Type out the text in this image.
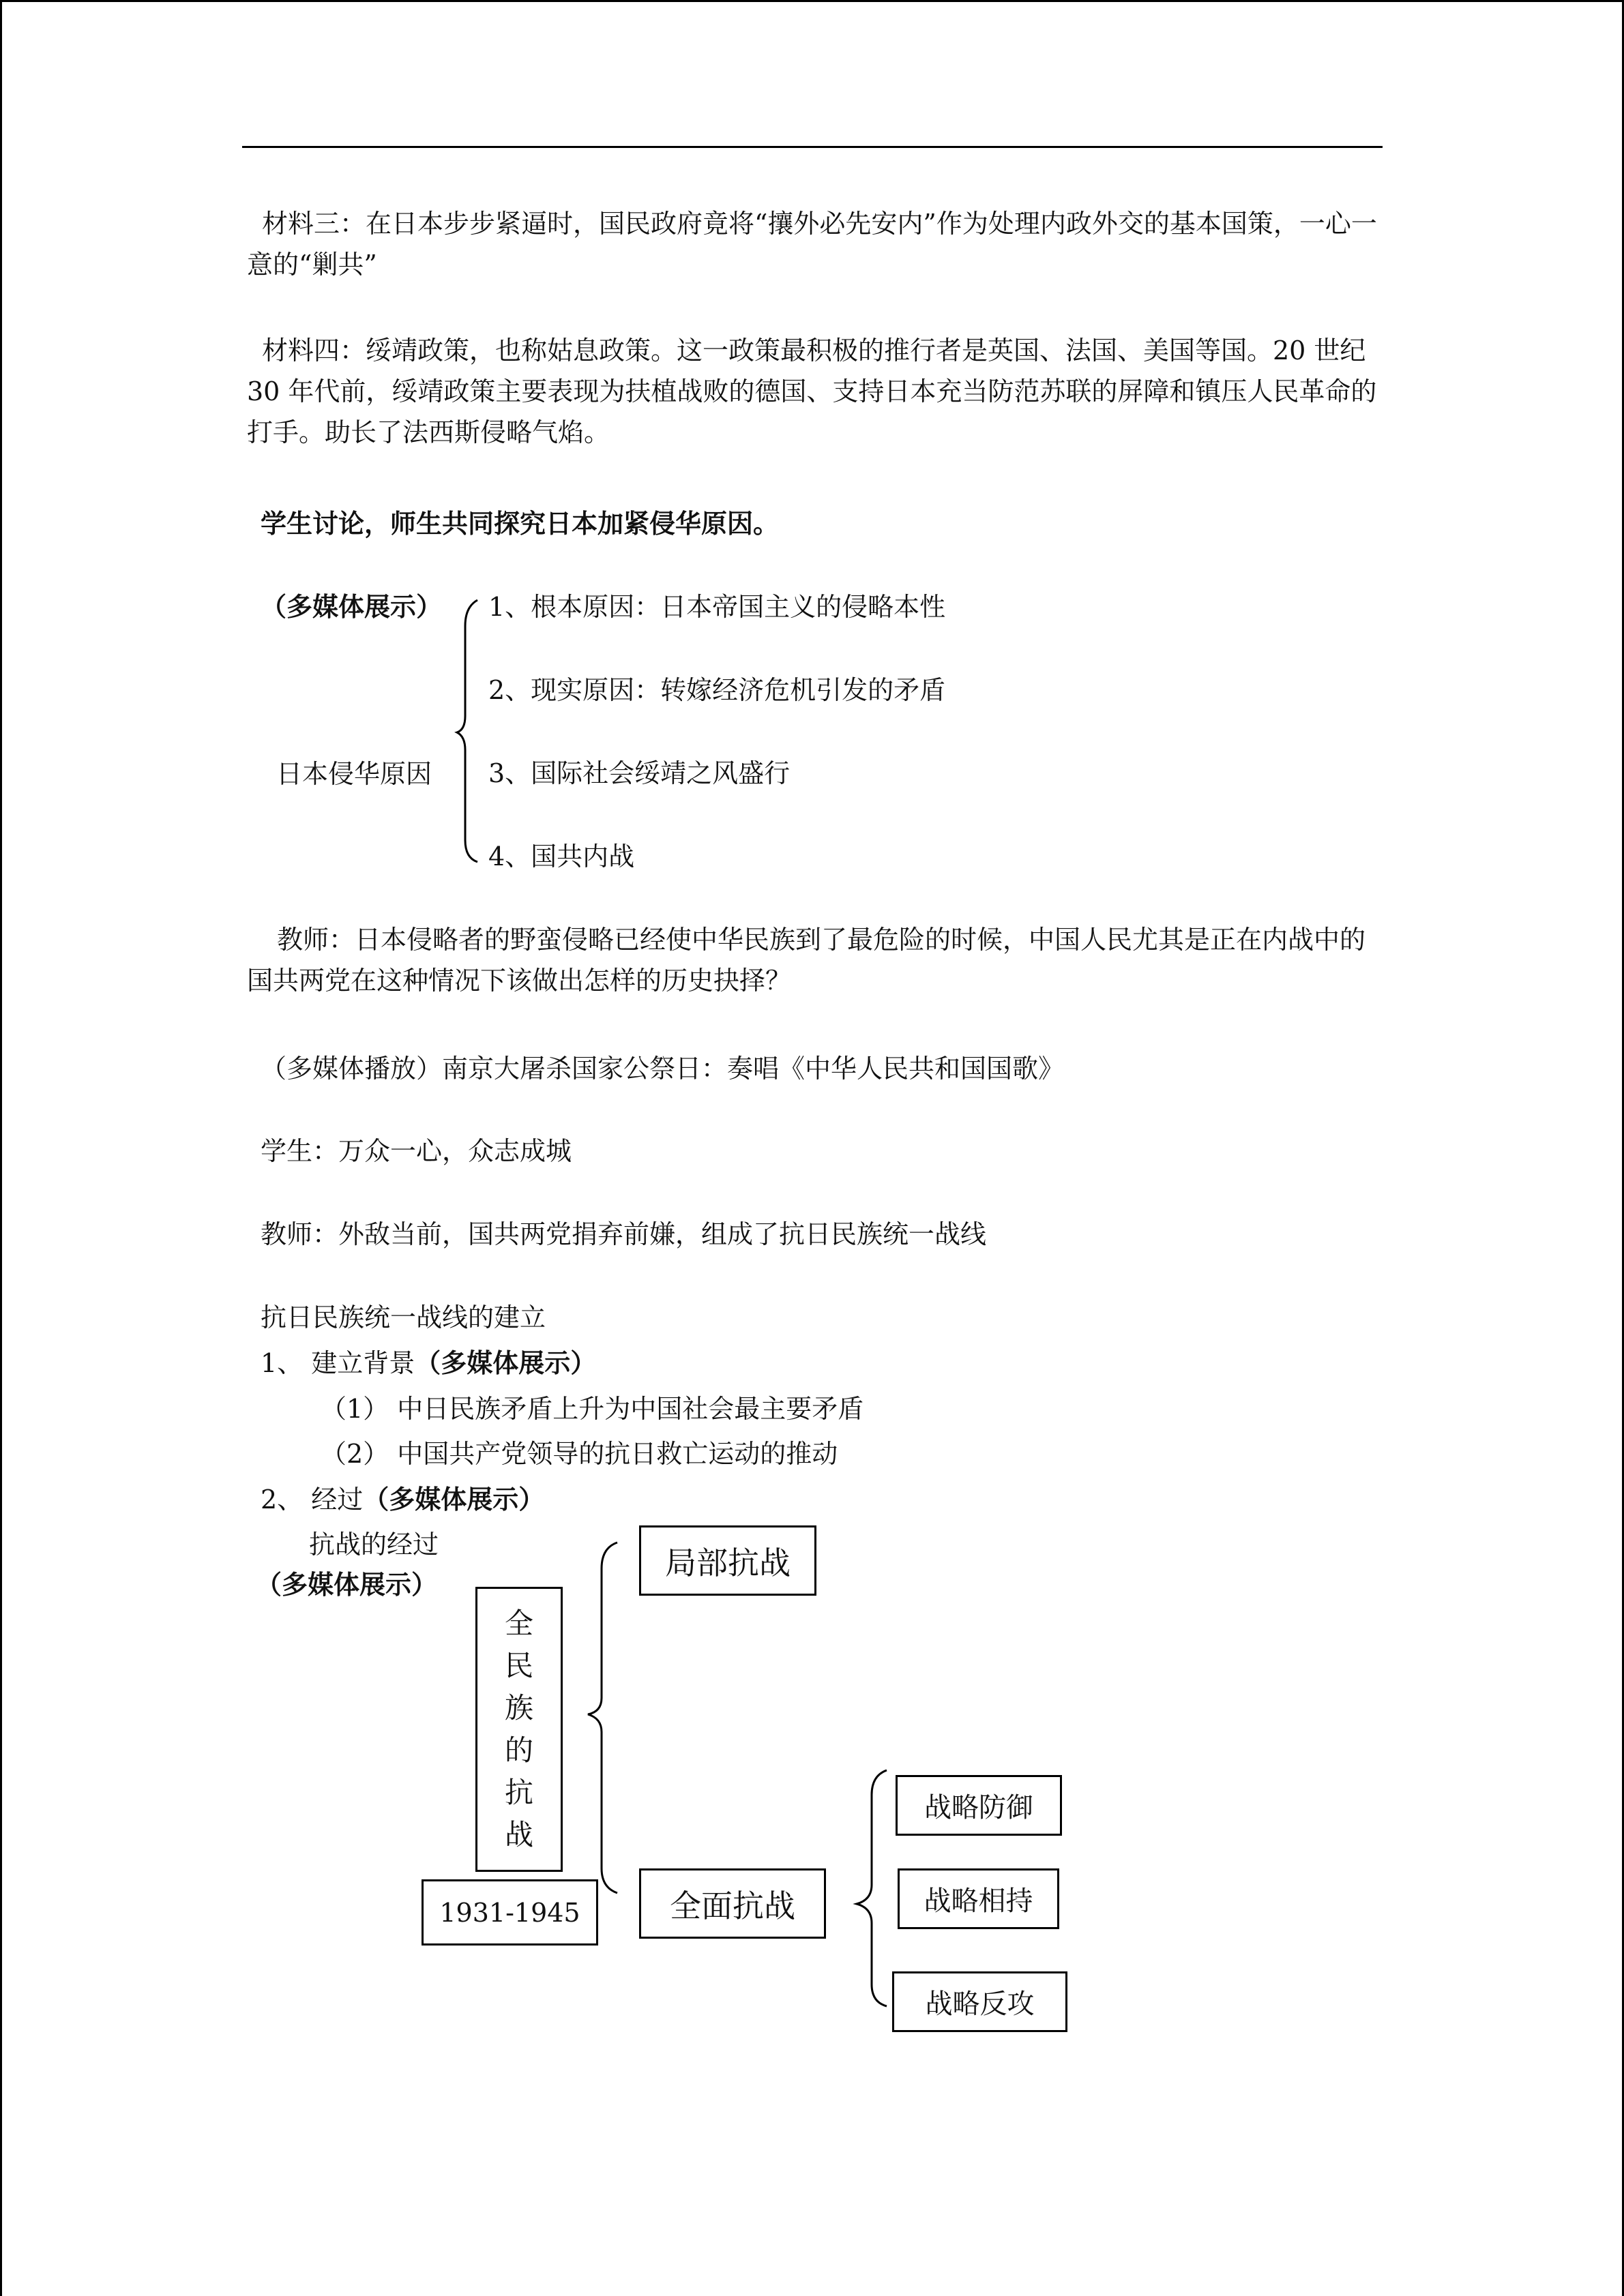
材料三：在日本步步紧逼时，国民政府竟将“攘外必先安内”作为处理内政外交的基本国策，一心一意的“剿共”
材料四：绥靖政策，也称姑息政策。这一政策最积极的推行者是英国、法国、美国等国。20 世纪 30 年代前，绥靖政策主要表现为扶植战败的德国、支持日本充当防范苏联的屏障和镇压人民革命的打手。助长了法西斯侵略气焰。
学生讨论，师生共同探究日本加紧侵华原因。
（多媒体展示）
日本侵华原因
1、根本原因：日本帝国主义的侵略本性
2、现实原因：转嫁经济危机引发的矛盾
3、国际社会绥靖之风盛行
4、国共内战
教师：日本侵略者的野蛮侵略已经使中华民族到了最危险的时候，中国人民尤其是正在内战中的国共两党在这种情况下该做出怎样的历史抉择？
（多媒体播放）南京大屠杀国家公祭日：奏唱《中华人民共和国国歌》
学生：万众一心，众志成城
教师：外敌当前，国共两党捐弃前嫌，组成了抗日民族统一战线
抗日民族统一战线的建立
1、 建立背景（多媒体展示）
（1） 中日民族矛盾上升为中国社会最主要矛盾
（2） 中国共产党领导的抗日救亡运动的推动
2、 经过（多媒体展示）
抗战的经过
（多媒体展示）
全
民
族
的
抗
战
1931-1945
局部抗战
全面抗战
战略防御
战略相持
战略反攻
